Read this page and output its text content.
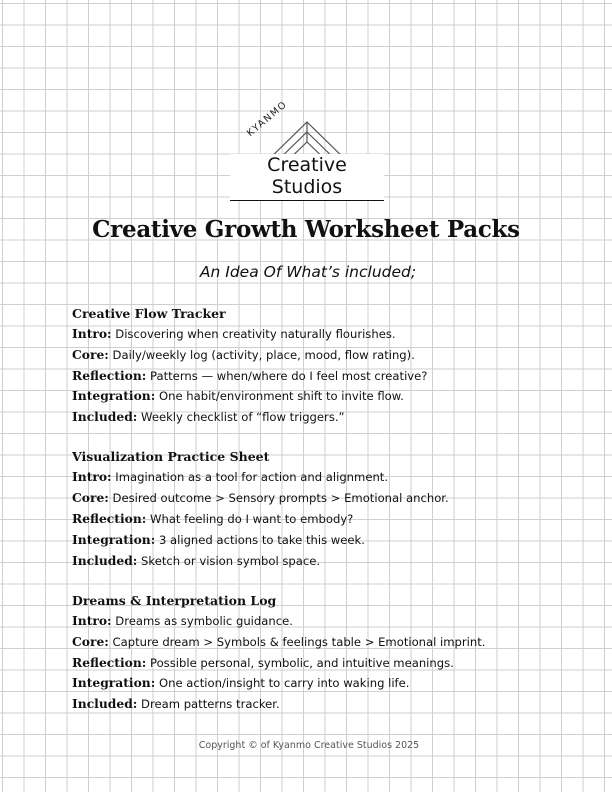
KYANMO
Creative Studios
Creative Growth Worksheet Packs
An Idea Of What’s included;
Creative Flow Tracker
Intro: Discovering when creativity naturally flourishes.
Core: Daily/weekly log (activity, place, mood, flow rating).
Reflection: Patterns — when/where do I feel most creative?
Integration: One habit/environment shift to invite flow.
Included: Weekly checklist of “flow triggers.”
Visualization Practice Sheet
Intro: Imagination as a tool for action and alignment.
Core: Desired outcome > Sensory prompts > Emotional anchor.
Reflection: What feeling do I want to embody?
Integration: 3 aligned actions to take this week.
Included: Sketch or vision symbol space.
Dreams & Interpretation Log
Intro: Dreams as symbolic guidance.
Core: Capture dream > Symbols & feelings table > Emotional imprint.
Reflection: Possible personal, symbolic, and intuitive meanings.
Integration: One action/insight to carry into waking life.
Included: Dream patterns tracker.
Copyright © of Kyanmo Creative Studios 2025
